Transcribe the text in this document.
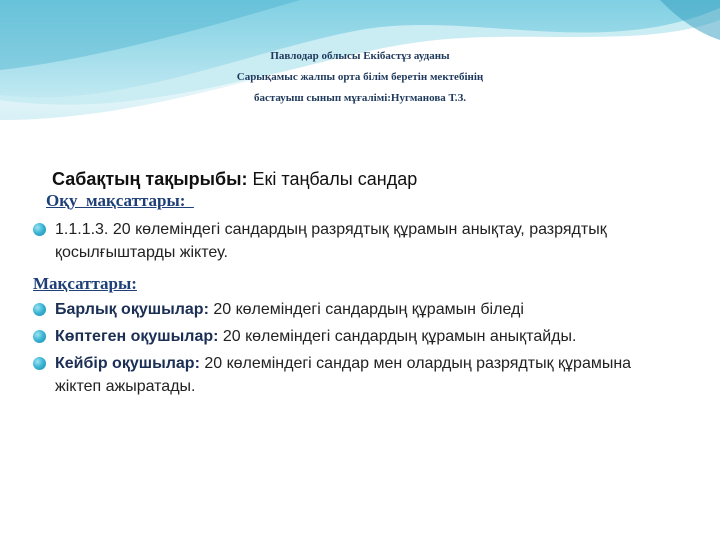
Павлодар облысы Екібастұз ауданы
Сарықамыс жалпы орта білім беретін мектебінің
бастауыш сынып мұғалімі:Нугманова Т.З.
Сабақтың тақырыбы: Екі таңбалы сандар
Оқу  мақсаттары:
1.1.1.3. 20 көлеміндегі сандардың разрядтық құрамын анықтау, разрядтық қосылғыштарды жіктеу.
Мақсаттары:
Барлық оқушылар: 20 көлеміндегі сандардың құрамын біледі
Көптеген оқушылар: 20 көлеміндегі сандардың құрамын анықтайды.
Кейбір оқушылар: 20 көлеміндегі сандар мен олардың разрядтық құрамына жіктеп ажыратады.
